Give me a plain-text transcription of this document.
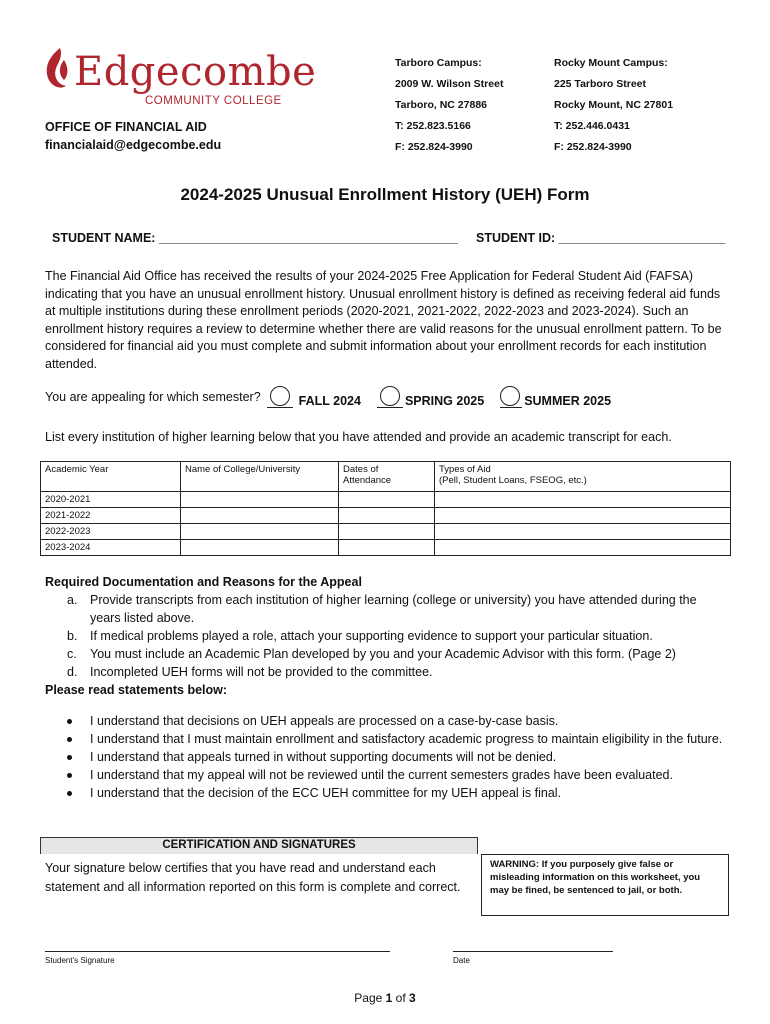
Edgecombe
COMMUNITY COLLEGE
OFFICE OF FINANCIAL AID
financialaid@edgecombe.edu
Tarboro Campus:
2009 W. Wilson Street
Tarboro, NC 27886
T: 252.823.5166
F: 252.824-3990
Rocky Mount Campus:
225 Tarboro Street
Rocky Mount, NC 27801
T: 252.446.0431
F: 252.824-3990
2024-2025 Unusual Enrollment History (UEH) Form
STUDENT NAME: ___________________________________________ STUDENT ID: ________________________
The Financial Aid Office has received the results of your 2024-2025 Free Application for Federal Student Aid (FAFSA) indicating that you have an unusual enrollment history. Unusual enrollment history is defined as receiving federal aid funds at multiple institutions during these enrollment periods (2020-2021, 2021-2022, 2022-2023 and 2023-2024). Such an enrollment history requires a review to determine whether there are valid reasons for the unusual enrollment pattern. To be considered for financial aid you must complete and submit information about your enrollment records for each institution attended.
You are appealing for which semester?	FALL 2024	SPRING 2025	SUMMER 2025
List every institution of higher learning below that you have attended and provide an academic transcript for each.
Academic Year	Name of College/University	Dates of Attendance	Types of Aid
(Pell, Student Loans, FSEOG, etc.)

2020-2021			
2021-2022			
2022-2023			
2023-2024			
Required Documentation and Reasons for the Appeal
a. Provide transcripts from each institution of higher learning (college or university) you have attended during the years listed above.
b. If medical problems played a role, attach your supporting evidence to support your particular situation.
c. You must include an Academic Plan developed by you and your Academic Advisor with this form. (Page 2)
d. Incompleted UEH forms will not be provided to the committee.
Please read statements below:
I understand that decisions on UEH appeals are processed on a case-by-case basis.
I understand that I must maintain enrollment and satisfactory academic progress to maintain eligibility in the future.
I understand that appeals turned in without supporting documents will not be denied.
I understand that my appeal will not be reviewed until the current semesters grades have been evaluated.
I understand that the decision of the ECC UEH committee for my UEH appeal is final.
CERTIFICATION AND SIGNATURES
Your signature below certifies that you have read and understand each statement and all information reported on this form is complete and correct.
WARNING: If you purposely give false or misleading information on this worksheet, you may be fined, be sentenced to jail, or both.
Student's Signature	Date
Page 1 of 3
